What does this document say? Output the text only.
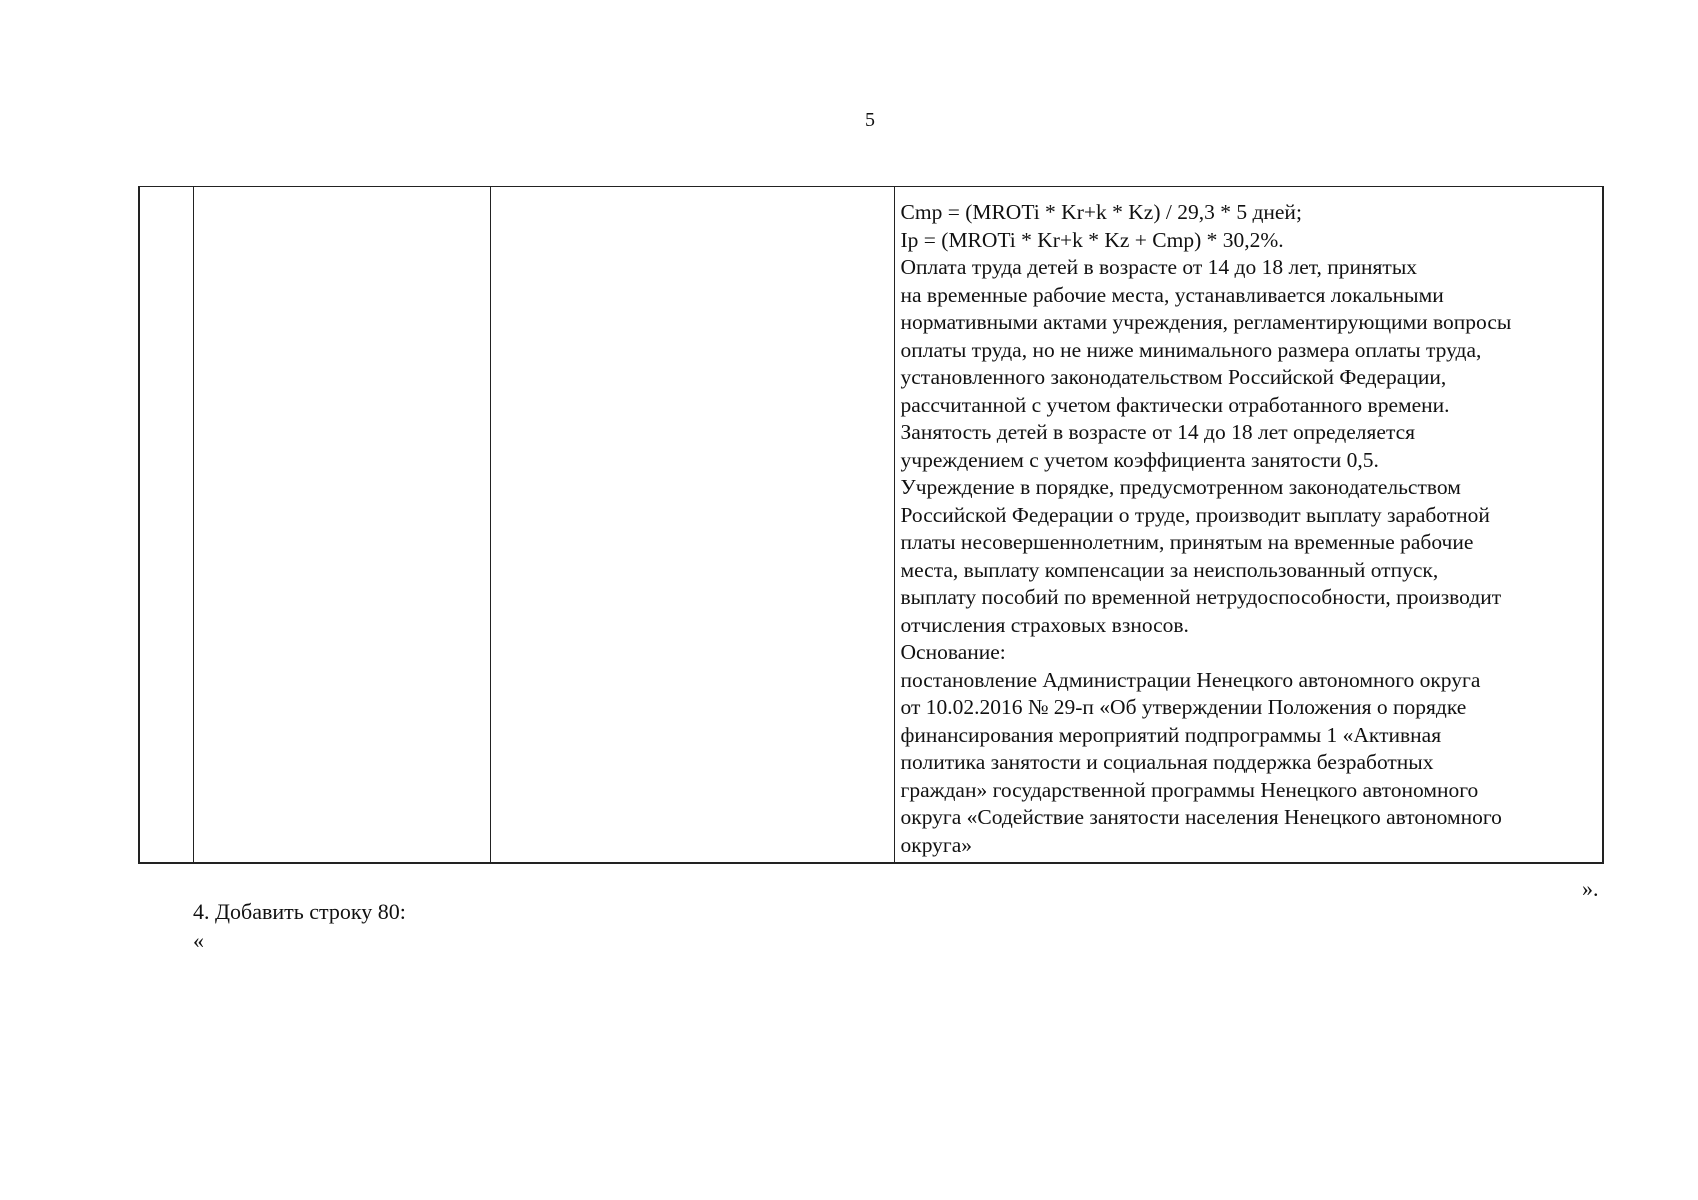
5

Cmp = (MROTi * Kr+k * Kz) / 29,3 * 5 дней;
Ip = (MROTi * Kr+k * Kz + Cmp) * 30,2%.
Оплата труда детей в возрасте от 14 до 18 лет, принятых
на временные рабочие места, устанавливается локальными
нормативными актами учреждения, регламентирующими вопросы
оплаты труда, но не ниже минимального размера оплаты труда,
установленного законодательством Российской Федерации,
рассчитанной с учетом фактически отработанного времени.
Занятость детей в возрасте от 14 до 18 лет определяется
учреждением с учетом коэффициента занятости 0,5.
Учреждение в порядке, предусмотренном законодательством
Российской Федерации о труде, производит выплату заработной
платы несовершеннолетним, принятым на временные рабочие
места, выплату компенсации за неиспользованный отпуск,
выплату пособий по временной нетрудоспособности, производит
отчисления страховых взносов.
Основание:
постановление Администрации Ненецкого автономного округа
от 10.02.2016 № 29-п «Об утверждении Положения о порядке
финансирования мероприятий подпрограммы 1 «Активная
политика занятости и социальная поддержка безработных
граждан» государственной программы Ненецкого автономного
округа «Содействие занятости населения Ненецкого автономного
округа»
».
4. Добавить строку 80:
«
